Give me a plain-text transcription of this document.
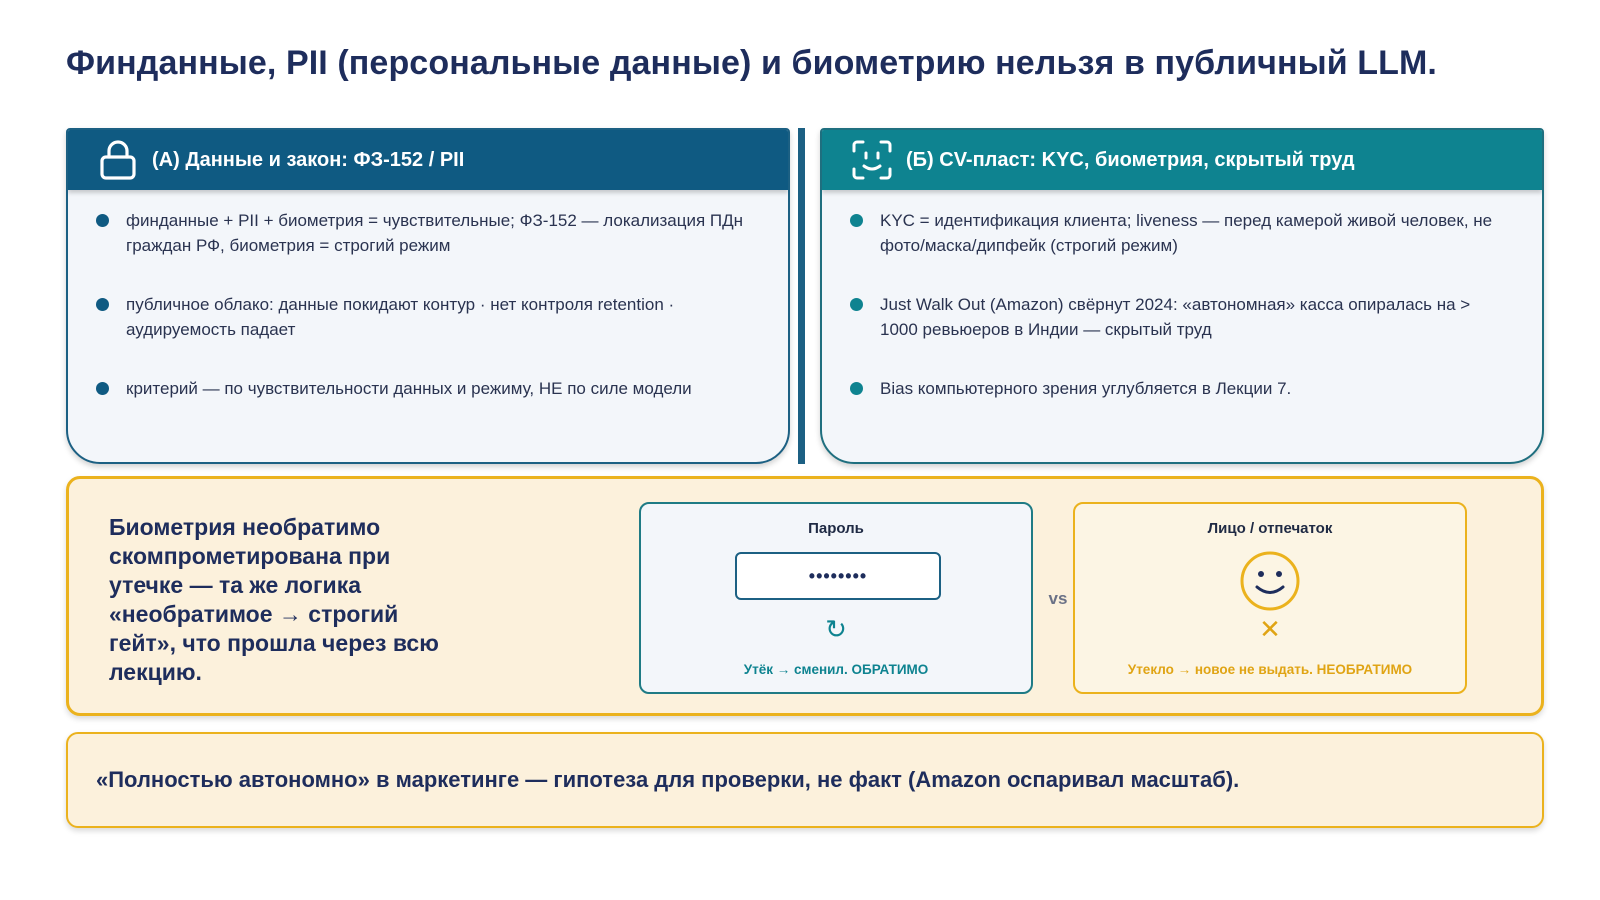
Финданные, PII (персональные данные) и биометрию нельзя в публичный LLM.
(А) Данные и закон: ФЗ-152 / PII
финданные + PII + биометрия = чувствительные; ФЗ-152 — локализация ПДн граждан РФ, биометрия = строгий режим
публичное облако: данные покидают контур · нет контроля retention · аудируемость падает
критерий — по чувствительности данных и режиму, НЕ по силе модели
(Б) CV-пласт: KYC, биометрия, скрытый труд
KYC = идентификация клиента; liveness — перед камерой живой человек, не фото/маска/дипфейк (строгий режим)
Just Walk Out (Amazon) свёрнут 2024: «автономная» касса опиралась на > 1000 ревьюеров в Индии — скрытый труд
Bias компьютерного зрения углубляется в Лекции 7.
Биометрия необратимо скомпрометирована при утечке — та же логика «необратимое → строгий гейт», что прошла через всю лекцию.
Пароль
••••••••
↻
Утёк → сменил. ОБРАТИМО
vs
Лицо / отпечаток
✕
Утекло → новое не выдать. НЕОБРАТИМО
«Полностью автономно» в маркетинге — гипотеза для проверки, не факт (Amazon оспаривал масштаб).
